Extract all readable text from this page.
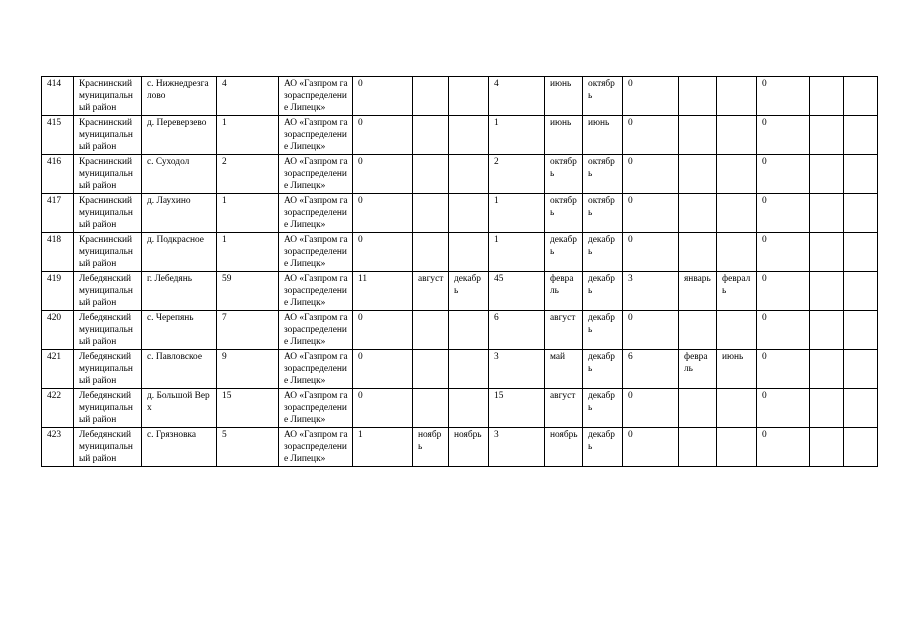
414	Краснинский муниципальный район	с. Нижнедрезгалово	4	АО «Газпром газораспределение Липецк»	0			4	июнь	октябрь	0			0		
415	Краснинский муниципальный район	д. Переверзево	1	АО «Газпром газораспределение Липецк»	0			1	июнь	июнь	0			0		
416	Краснинский муниципальный район	с. Суходол	2	АО «Газпром газораспределение Липецк»	0			2	октябрь	октябрь	0			0		
417	Краснинский муниципальный район	д. Лаухино	1	АО «Газпром газораспределение Липецк»	0			1	октябрь	октябрь	0			0		
418	Краснинский муниципальный район	д. Подкрасное	1	АО «Газпром газораспределение Липецк»	0			1	декабрь	декабрь	0			0		
419	Лебедянский муниципальный район	г. Лебедянь	59	АО «Газпром газораспределение Липецк»	11	август	декабрь	45	февраль	декабрь	3	январь	февраль	0		
420	Лебедянский муниципальный район	с. Черепянь	7	АО «Газпром газораспределение Липецк»	0			6	август	декабрь	0			0		
421	Лебедянский муниципальный район	с. Павловское	9	АО «Газпром газораспределение Липецк»	0			3	май	декабрь	6	февраль	июнь	0		
422	Лебедянский муниципальный район	д. Большой Верх	15	АО «Газпром газораспределение Липецк»	0			15	август	декабрь	0			0		
423	Лебедянский муниципальный район	с. Грязновка	5	АО «Газпром газораспределение Липецк»	1	ноябрь	ноябрь	3	ноябрь	декабрь	0			0		
